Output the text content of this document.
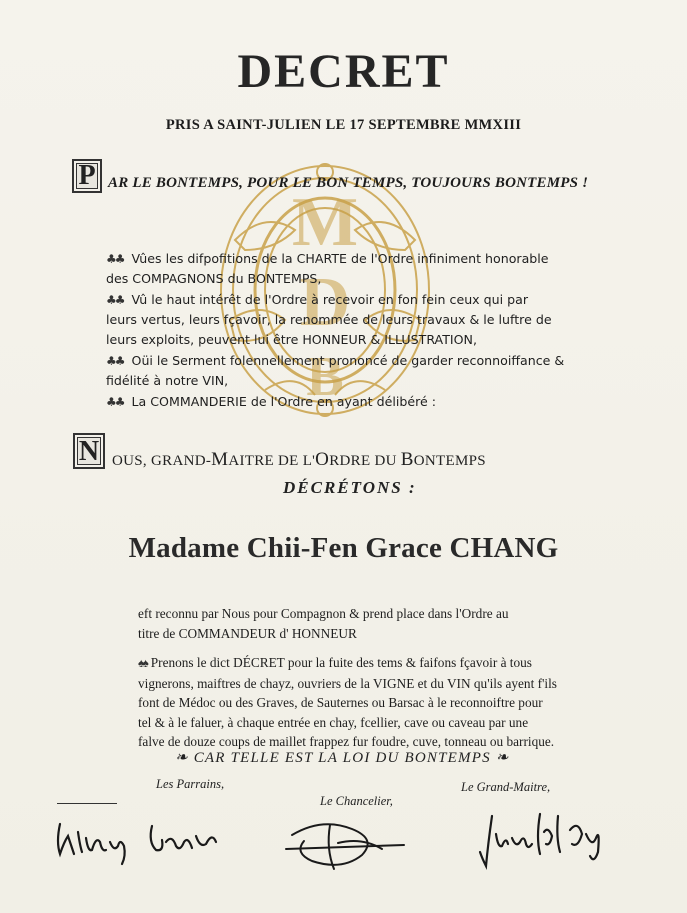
M
D
B
DECRET
PRIS A SAINT-JULIEN LE 17 SEPTEMBRE MMXIII
P AR LE BONTEMPS, POUR LE BON TEMPS, TOUJOURS BONTEMPS !
♣♣ Vûes les difpofitions de la CHARTE de l'Ordre infiniment honorable
des COMPAGNONS du BONTEMPS,
♣♣ Vû le haut intérêt de l'Ordre à recevoir en fon fein ceux qui par
leurs vertus, leurs fçavoir, la renommée de leurs travaux & le luftre de
leurs exploits, peuvent lui être HONNEUR & ILLUSTRATION,
♣♣ Oüi le Serment folennellement prononcé de garder reconnoiffance &
fidélité à notre VIN,
♣♣ La COMMANDERIE de l'Ordre en ayant délibéré :
N OUS, GRAND-MAITRE DE L'ORDRE DU BONTEMPS
DÉCRÉTONS :
Madame Chii-Fen Grace CHANG
eft reconnu par Nous pour Compagnon & prend place dans l'Ordre au
titre de COMMANDEUR d' HONNEUR
♠♠ Prenons le dict DÉCRET pour la fuite des tems & faifons fçavoir à tous
vignerons, maiftres de chayz, ouvriers de la VIGNE et du VIN qu'ils ayent f'ils
font de Médoc ou des Graves, de Sauternes ou Barsac à le reconnoiftre pour
tel & à le faluer, à chaque entrée en chay, fcellier, cave ou caveau par une
falve de douze coups de maillet frappez fur foudre, cuve, tonneau ou barrique.
❧ CAR TELLE EST LA LOI DU BONTEMPS ❧
Les Parrains,
Le Chancelier,
Le Grand-Maitre,
